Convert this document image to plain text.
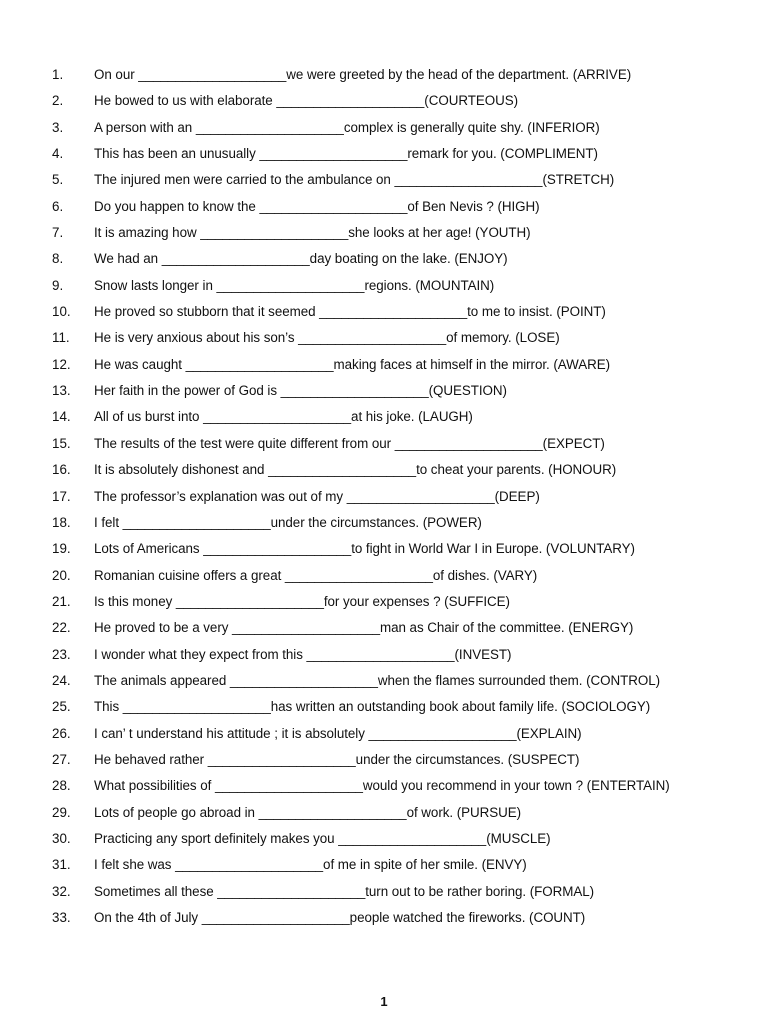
1.	On our ____________________we were greeted by the head of the department. (ARRIVE)
2.	He bowed to us with elaborate ____________________(COURTEOUS)
3.	A person with an ____________________complex is generally quite shy. (INFERIOR)
4.	This has been an unusually ____________________remark for you. (COMPLIMENT)
5.	The injured men were carried to the ambulance on ____________________(STRETCH)
6.	Do you happen to know the ____________________of Ben Nevis ? (HIGH)
7.	It is amazing how ____________________she looks at her age! (YOUTH)
8.	We had an ____________________day boating on the lake. (ENJOY)
9.	Snow lasts longer in ____________________regions. (MOUNTAIN)
10.	He proved so stubborn that it seemed ____________________to me to insist. (POINT)
11.	He is very anxious about his son’s ____________________of memory. (LOSE)
12.	He was caught ____________________making faces at himself in the mirror. (AWARE)
13.	Her faith in the power of God is ____________________(QUESTION)
14.	All of us burst into ____________________at his joke. (LAUGH)
15.	The results of the test were quite different from our ____________________(EXPECT)
16.	It is absolutely dishonest and ____________________to cheat your parents. (HONOUR)
17.	The professor’s explanation was out of my ____________________(DEEP)
18.	I felt ____________________under the circumstances. (POWER)
19.	Lots of Americans ____________________to fight in World War I in Europe. (VOLUNTARY)
20.	Romanian cuisine offers a great ____________________of dishes. (VARY)
21.	Is this money ____________________for your expenses ? (SUFFICE)
22.	He proved to be a very ____________________man as Chair of the committee. (ENERGY)
23.	I wonder what they expect from this ____________________(INVEST)
24.	The animals appeared ____________________when the flames surrounded them. (CONTROL)
25.	This ____________________has written an outstanding book about family life. (SOCIOLOGY)
26.	I can’ t understand his attitude ; it is absolutely ____________________(EXPLAIN)
27.	He behaved rather ____________________under the circumstances. (SUSPECT)
28.	What possibilities of ____________________would you recommend in your town ? (ENTERTAIN)
29.	Lots of people go abroad in ____________________of work. (PURSUE)
30.	Practicing any sport definitely makes you ____________________(MUSCLE)
31.	I felt she was ____________________of me in spite of her smile. (ENVY)
32.	Sometimes all these ____________________turn out to be rather boring. (FORMAL)
33.	On the 4th of July ____________________people watched the fireworks. (COUNT)
1
